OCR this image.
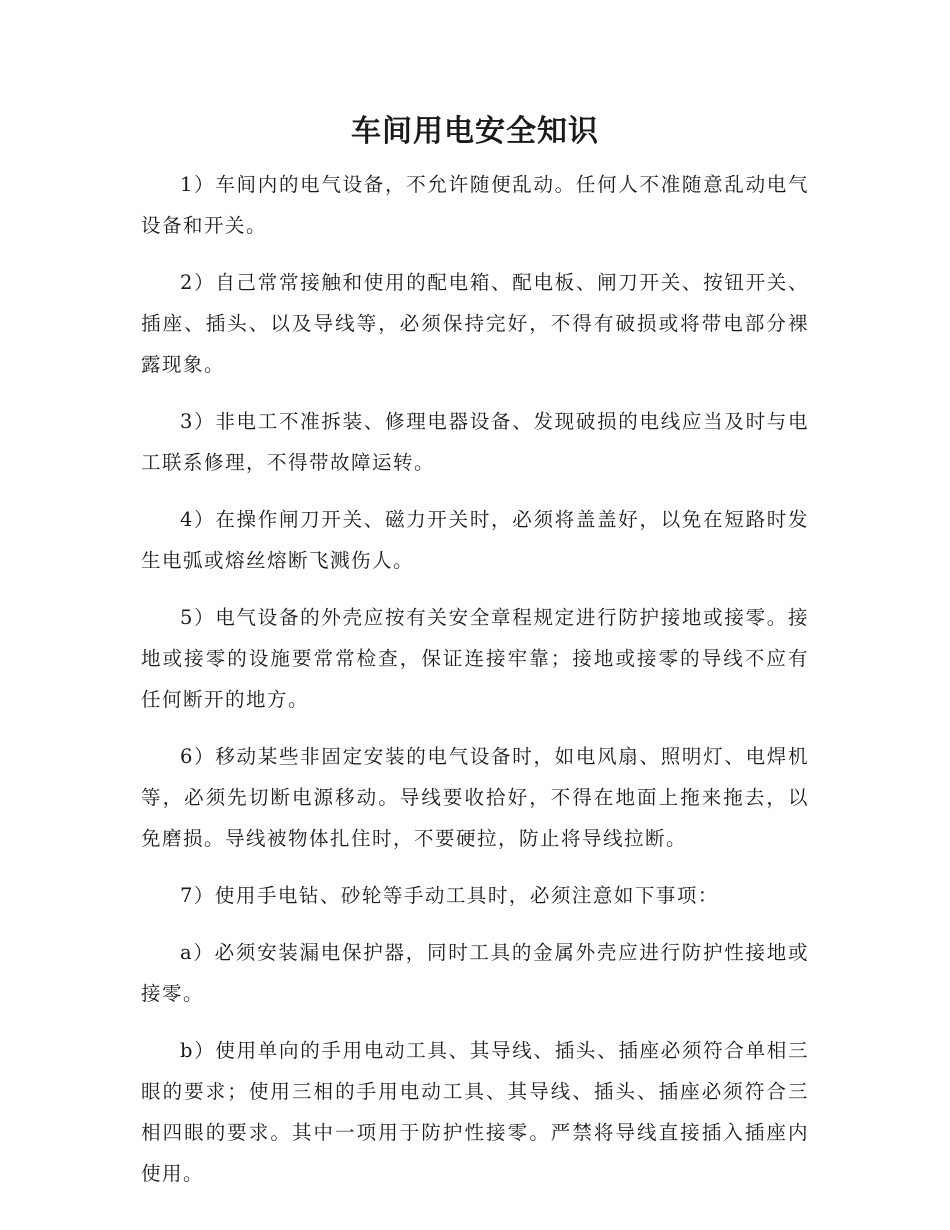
车间用电安全知识

1）车间内的电气设备，不允许随便乱动。任何人不准随意乱动电气设备和开关。

2）自己常常接触和使用的配电箱、配电板、闸刀开关、按钮开关、插座、插头、以及导线等，必须保持完好，不得有破损或将带电部分裸露现象。

3）非电工不准拆装、修理电器设备、发现破损的电线应当及时与电工联系修理，不得带故障运转。

4）在操作闸刀开关、磁力开关时，必须将盖盖好，以免在短路时发生电弧或熔丝熔断飞溅伤人。

5）电气设备的外壳应按有关安全章程规定进行防护接地或接零。接地或接零的设施要常常检查，保证连接牢靠；接地或接零的导线不应有任何断开的地方。

6）移动某些非固定安装的电气设备时，如电风扇、照明灯、电焊机等，必须先切断电源移动。导线要收拾好，不得在地面上拖来拖去，以免磨损。导线被物体扎住时，不要硬拉，防止将导线拉断。

7）使用手电钻、砂轮等手动工具时，必须注意如下事项：

a）必须安装漏电保护器，同时工具的金属外壳应进行防护性接地或接零。

b）使用单向的手用电动工具、其导线、插头、插座必须符合单相三眼的要求；使用三相的手用电动工具、其导线、插头、插座必须符合三相四眼的要求。其中一项用于防护性接零。严禁将导线直接插入插座内使用。
